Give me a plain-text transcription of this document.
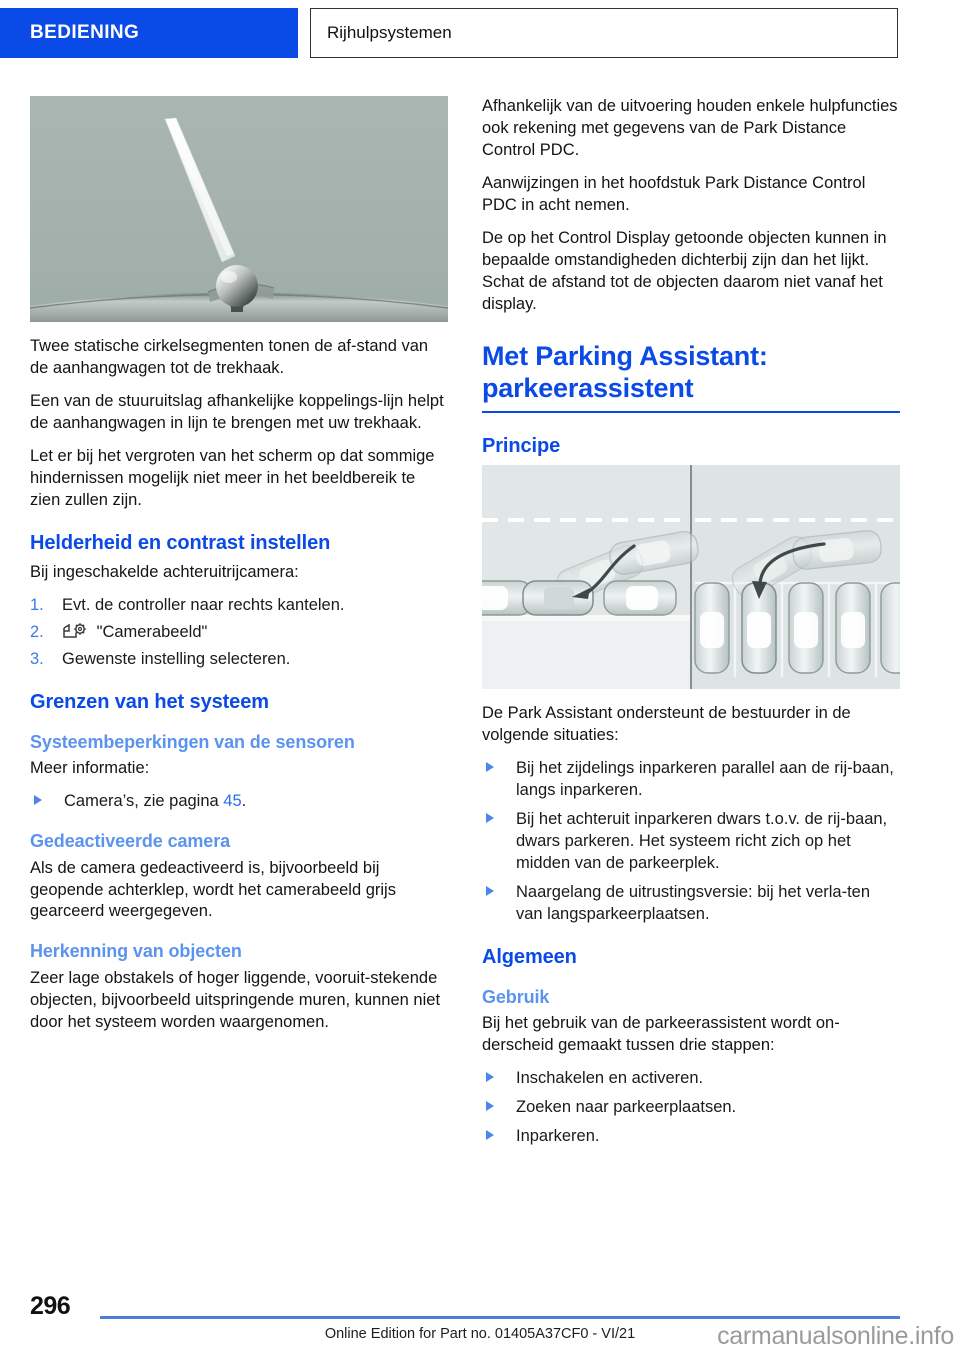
BEDIENING	Rijhulpsystemen

Twee statische cirkelsegmenten tonen de af-stand van de aanhangwagen tot de trekhaak.

Een van de stuuruitslag afhankelijke koppelings-lijn helpt de aanhangwagen in lijn te brengen met uw trekhaak.

Let er bij het vergroten van het scherm op dat sommige hindernissen mogelijk niet meer in het beeldbereik te zien zullen zijn.

Helderheid en contrast instellen

Bij ingeschakelde achteruitrijcamera:

1. Evt. de controller naar rechts kantelen.
2.	"Camerabeeld"
3. Gewenste instelling selecteren.
Grenzen van het systeem
Systeembeperkingen van de sensoren

Meer informatie:

Camera’s, zie pagina 45.
Gedeactiveerde camera

Als de camera gedeactiveerd is, bijvoorbeeld bij geopende achterklep, wordt het camerabeeld grijs gearceerd weergegeven.

Herkenning van objecten

Zeer lage obstakels of hoger liggende, vooruit-stekende objecten, bijvoorbeeld uitspringende muren, kunnen niet door het systeem worden waargenomen.

Afhankelijk van de uitvoering houden enkele hulpfuncties ook rekening met gegevens van de Park Distance Control PDC.

Aanwijzingen in het hoofdstuk Park Distance Control PDC in acht nemen.

De op het Control Display getoonde objecten kunnen in bepaalde omstandigheden dichterbij zijn dan het lijkt. Schat de afstand tot de objecten daarom niet vanaf het display.

Met Parking Assistant: parkeerassistent
Principe

De Park Assistant ondersteunt de bestuurder in de volgende situaties:

Bij het zijdelings inparkeren parallel aan de rij-baan, langs inparkeren.
Bij het achteruit inparkeren dwars t.o.v. de rij-baan, dwars parkeren. Het systeem richt zich op het midden van de parkeerplek.
Naargelang de uitrustingsversie: bij het verla-ten van langsparkeerplaatsen.
Algemeen
Gebruik

Bij het gebruik van de parkeerassistent wordt on-derscheid gemaakt tussen drie stappen:

Inschakelen en activeren.
Zoeken naar parkeerplaatsen.
Inparkeren.
296
Online Edition for Part no. 01405A37CF0 - VI/21	carmanualsonline.info
